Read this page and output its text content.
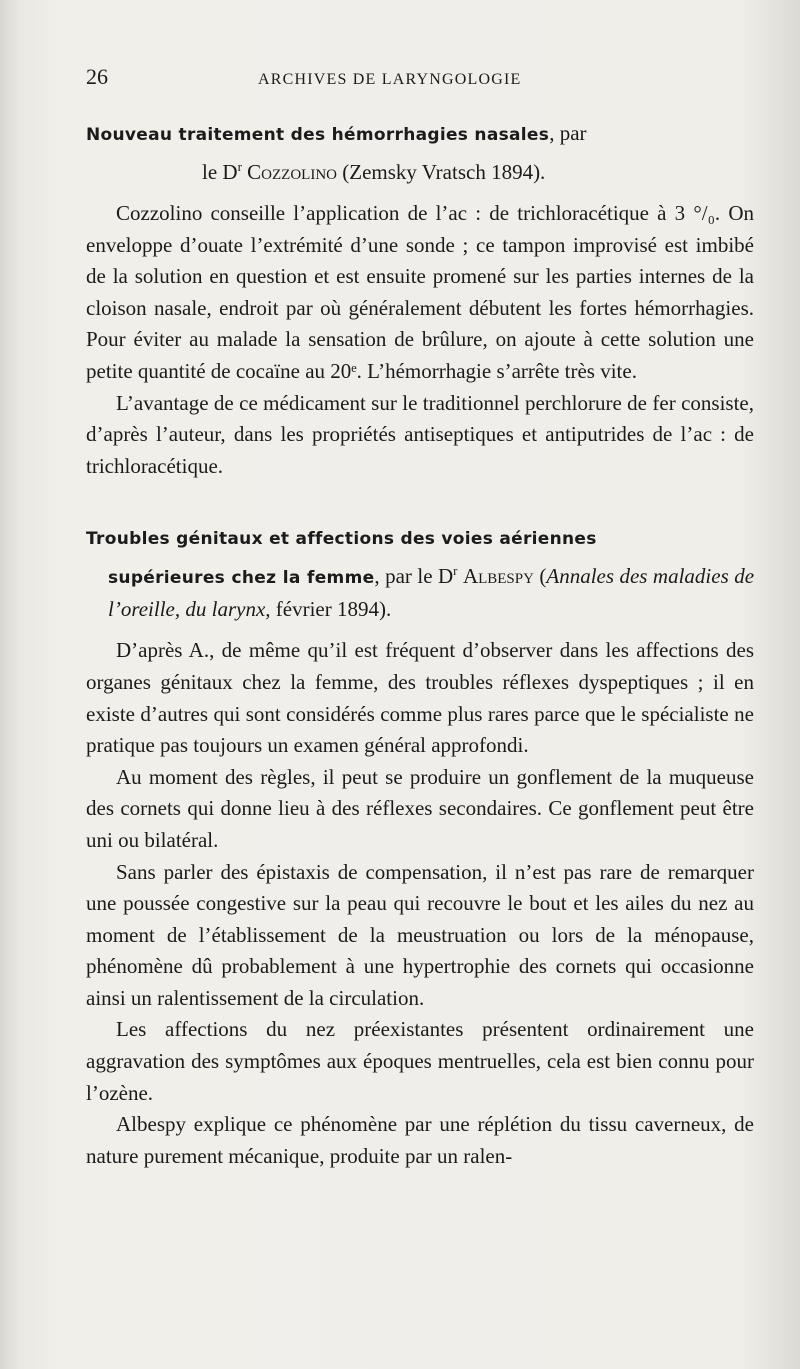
26	ARCHIVES DE LARYNGOLOGIE
Nouveau traitement des hémorrhagies nasales, par
le $D^r$ Cozzolino (Zemsky Vratsch 1894).

Cozzolino conseille l’application de l’ac : de trichloracétique à 3 °/₀. On enveloppe d’ouate l’extrémité d’une sonde ; ce tampon improvisé est imbibé de la solution en question et est ensuite promené sur les parties internes de la cloison nasale, endroit par où généralement débutent les fortes hémorrhagies. Pour éviter au malade la sensation de brûlure, on ajoute à cette solution une petite quantité de cocaïne au 20ᵉ. L’hémorrhagie s’arrête très vite.

L’avantage de ce médicament sur le traditionnel perchlorure de fer consiste, d’après l’auteur, dans les propriétés antiseptiques et antiputrides de l’ac : de trichloracétique.

Troubles génitaux et affections des voies aériennes
supérieures chez la femme, par le $D^r$ Albespy (Annales des maladies de l’oreille, du larynx, février 1894).

D’après A., de même qu’il est fréquent d’observer dans les affections des organes génitaux chez la femme, des troubles réflexes dyspeptiques ; il en existe d’autres qui sont considérés comme plus rares parce que le spécialiste ne pratique pas toujours un examen général approfondi.

Au moment des règles, il peut se produire un gonflement de la muqueuse des cornets qui donne lieu à des réflexes secondaires. Ce gonflement peut être uni ou bilatéral.

Sans parler des épistaxis de compensation, il n’est pas rare de remarquer une poussée congestive sur la peau qui recouvre le bout et les ailes du nez au moment de l’établissement de la meustruation ou lors de la ménopause, phénomène dû probablement à une hypertrophie des cornets qui occasionne ainsi un ralentissement de la circulation.

Les affections du nez préexistantes présentent ordinairement une aggravation des symptômes aux époques mentruelles, cela est bien connu pour l’ozène.

Albespy explique ce phénomène par une réplétion du tissu caverneux, de nature purement mécanique, produite par un ralen-
